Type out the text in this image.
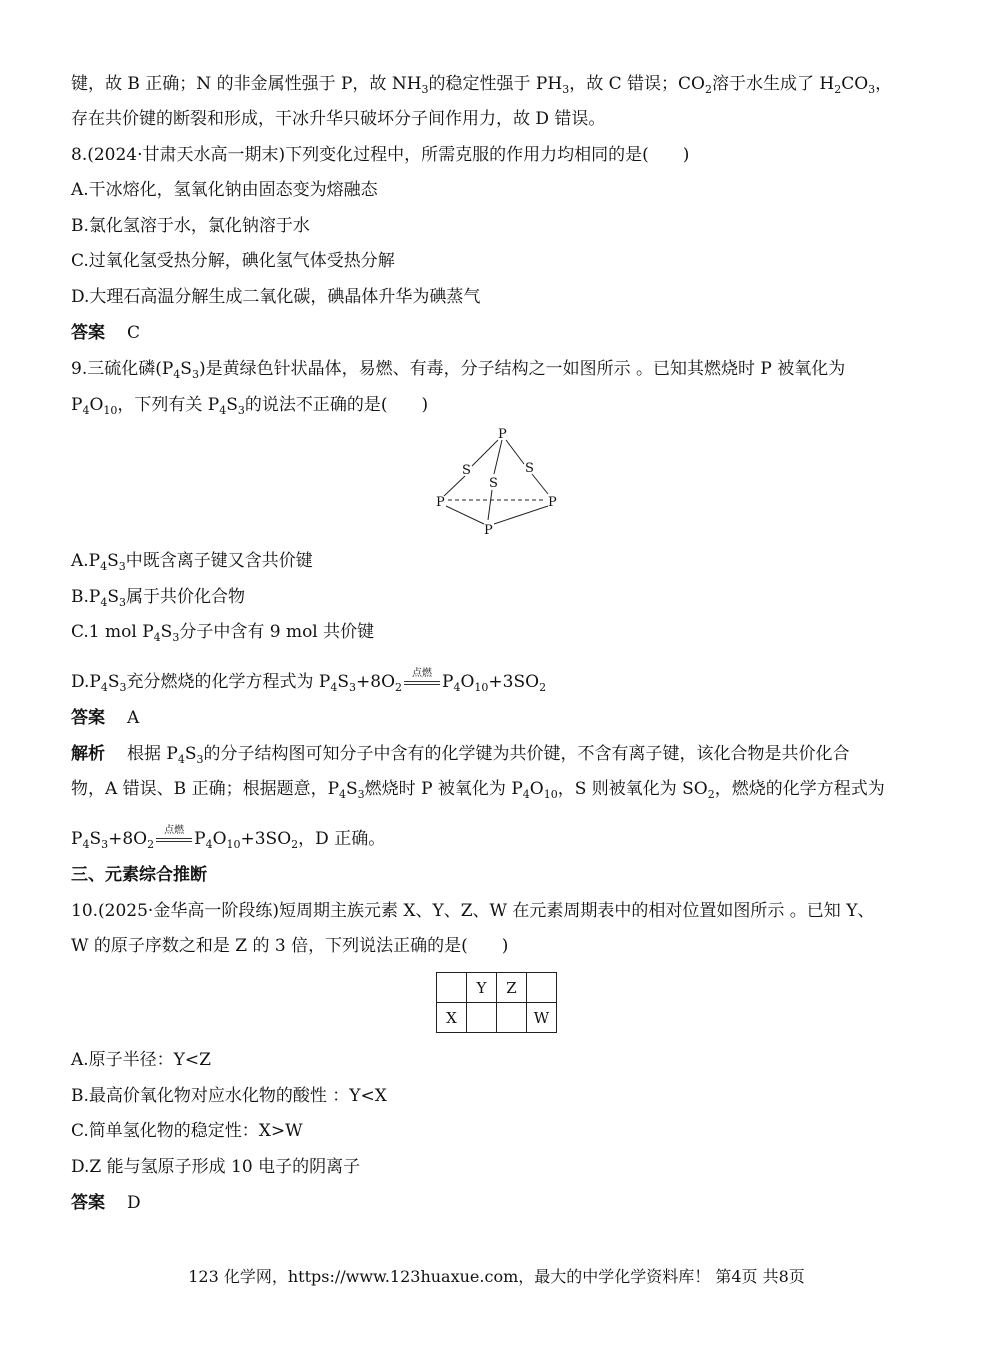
键，故 B 正确；N 的非金属性强于 P，故 $NH_3$的稳定性强于 $PH_3$，故 C 错误；$CO_2$溶于水生成了 $H_2CO_3$，
存在共价键的断裂和形成，干冰升华只破坏分子间作用力，故 D 错误。
8.(2024·甘肃天水高一期末)下列变化过程中，所需克服的作用力均相同的是(　　)
A.干冰熔化，氢氧化钠由固态变为熔融态
B.氯化氢溶于水，氯化钠溶于水
C.过氧化氢受热分解，碘化氢气体受热分解
D.大理石高温分解生成二氧化碳，碘晶体升华为碘蒸气
答案 C
9.三硫化磷$(P_4S_3)$是黄绿色针状晶体，易燃、有毒，分子结构之一如图所示 。已知其燃烧时 P 被氧化为
$P_4O_{10}$，下列有关 $P_4S_3$的说法不正确的是(　　)
P
S	S
S
P	P
P
$A.P_4S_3$中既含离子键又含共价键
$B.P_4S_3$属于共价化合物
C.1 mol $P_4S_3$分子中含有 9 mol 共价键
$D.P_4S_3$充分燃烧的化学方程式为 $P_4S_3+8O_2$
点燃 $P_4O_{10}+3SO_2$
答案 A
解析 根据 $P_4S_3$的分子结构图可知分子中含有的化学键为共价键，不含有离子键，该化合物是共价化合
物，A 错误、B 正确；根据题意，$P_4S_3$燃烧时 P 被氧化为 $P_4O_{10}$，S 则被氧化为 $SO_2$，燃烧的化学方程式为
$P_4S_3+8O_2$
点燃 $P_4O_{10}+3SO_2$，D 正确。
三、元素综合推断
10.(2025·金华高一阶段练)短周期主族元素 X、Y、Z、W 在元素周期表中的相对位置如图所示 。已知 Y、
W 的原子序数之和是 Z 的 3 倍，下列说法正确的是(　　)
	Y	Z	
X			W
A.原子半径：Y<Z
B.最高价氧化物对应水化物的酸性 ：Y<X
C.简单氢化物的稳定性：X>W
D.Z 能与氢原子形成 10 电子的阴离子
答案 D
123 化学网，https://www.123huaxue.com，最大的中学化学资料库！ 第4页 共8页
